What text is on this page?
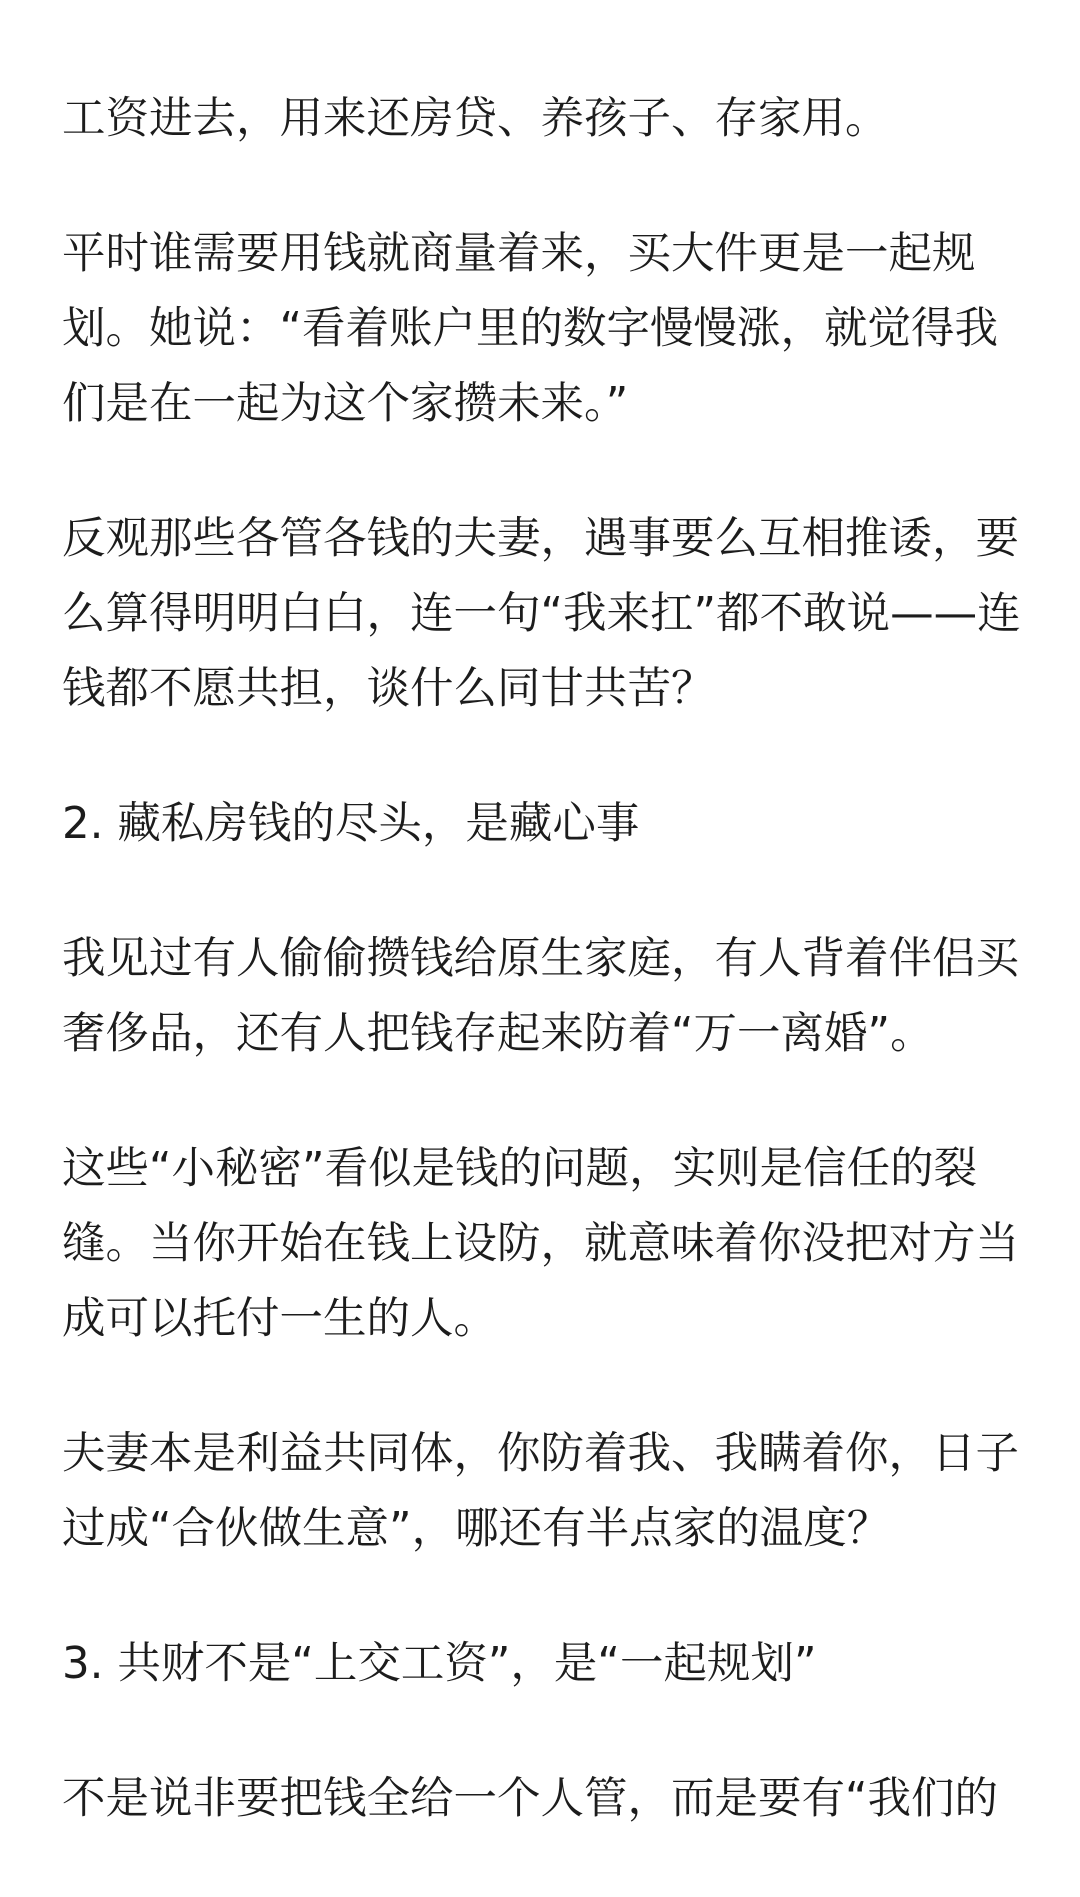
工资进去，用来还房贷、养孩子、存家用。

平时谁需要用钱就商量着来，买大件更是一起规划。她说：“看着账户里的数字慢慢涨，就觉得我们是在一起为这个家攒未来。”

反观那些各管各钱的夫妻，遇事要么互相推诿，要么算得明明白白，连一句“我来扛”都不敢说——连钱都不愿共担，谈什么同甘共苦？

2. 藏私房钱的尽头，是藏心事

我见过有人偷偷攒钱给原生家庭，有人背着伴侣买奢侈品，还有人把钱存起来防着“万一离婚”。

这些“小秘密”看似是钱的问题，实则是信任的裂缝。当你开始在钱上设防，就意味着你没把对方当成可以托付一生的人。

夫妻本是利益共同体，你防着我、我瞒着你，日子过成“合伙做生意”，哪还有半点家的温度？

3. 共财不是“上交工资”，是“一起规划”

不是说非要把钱全给一个人管，而是要有“我们的
